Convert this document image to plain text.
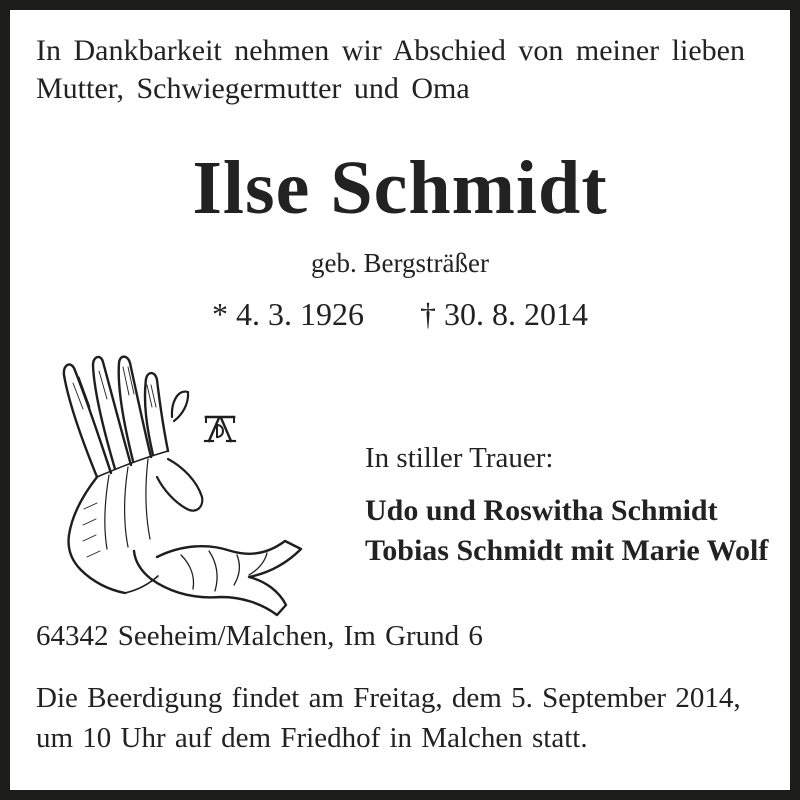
In Dankbarkeit nehmen wir Abschied von meiner lieben
Mutter, Schwiegermutter und Oma
Ilse Schmidt
geb. Bergsträßer
* 4. 3. 1926 † 30. 8. 2014
In stiller Trauer:
Udo und Roswitha Schmidt
Tobias Schmidt mit Marie Wolf
64342 Seeheim/Malchen, Im Grund 6
Die Beerdigung findet am Freitag, dem 5. September 2014,
um 10 Uhr auf dem Friedhof in Malchen statt.
